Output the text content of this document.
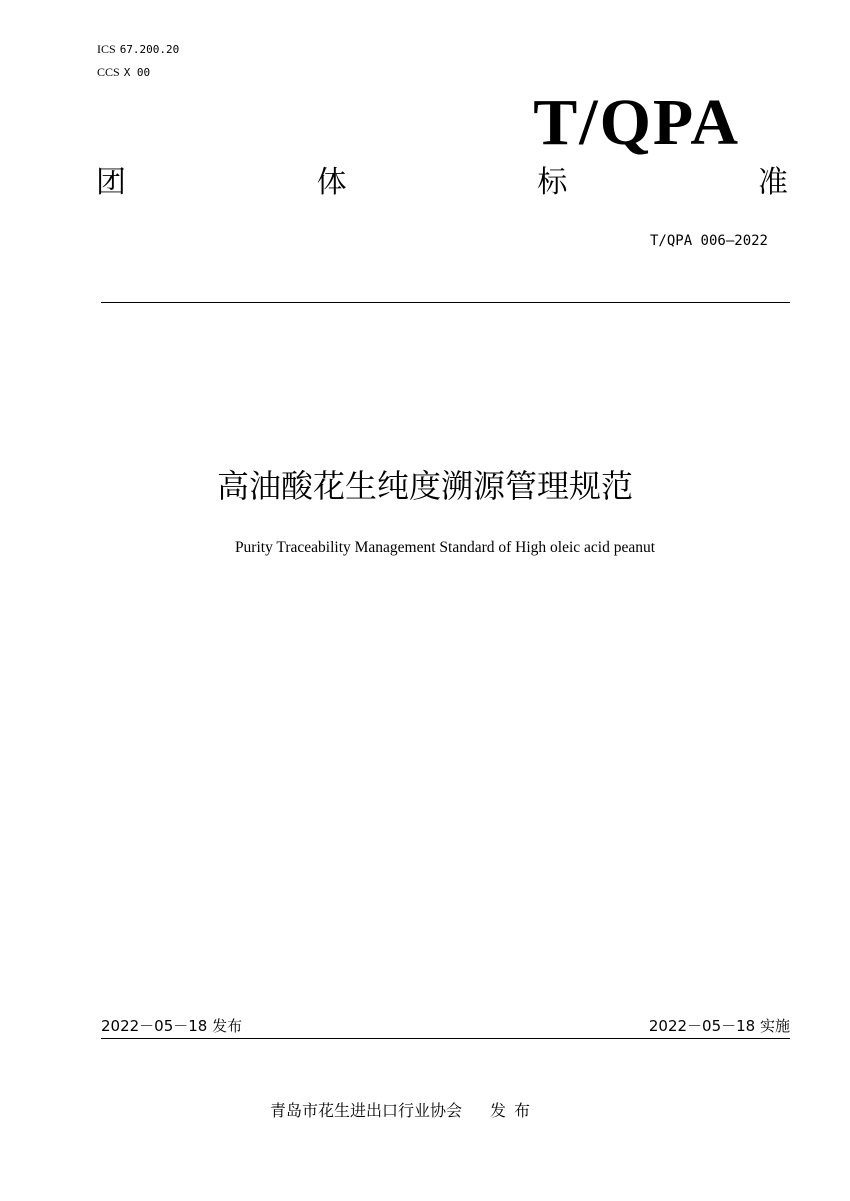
ICS 67.200.20
CCS X 00
T/QPA
团	体	标	准
T/QPA 006—2022
高油酸花生纯度溯源管理规范
Purity Traceability Management Standard of High oleic acid peanut
2022－05－18 发布	2022－05－18 实施
青岛市花生进出口行业协会 发布
